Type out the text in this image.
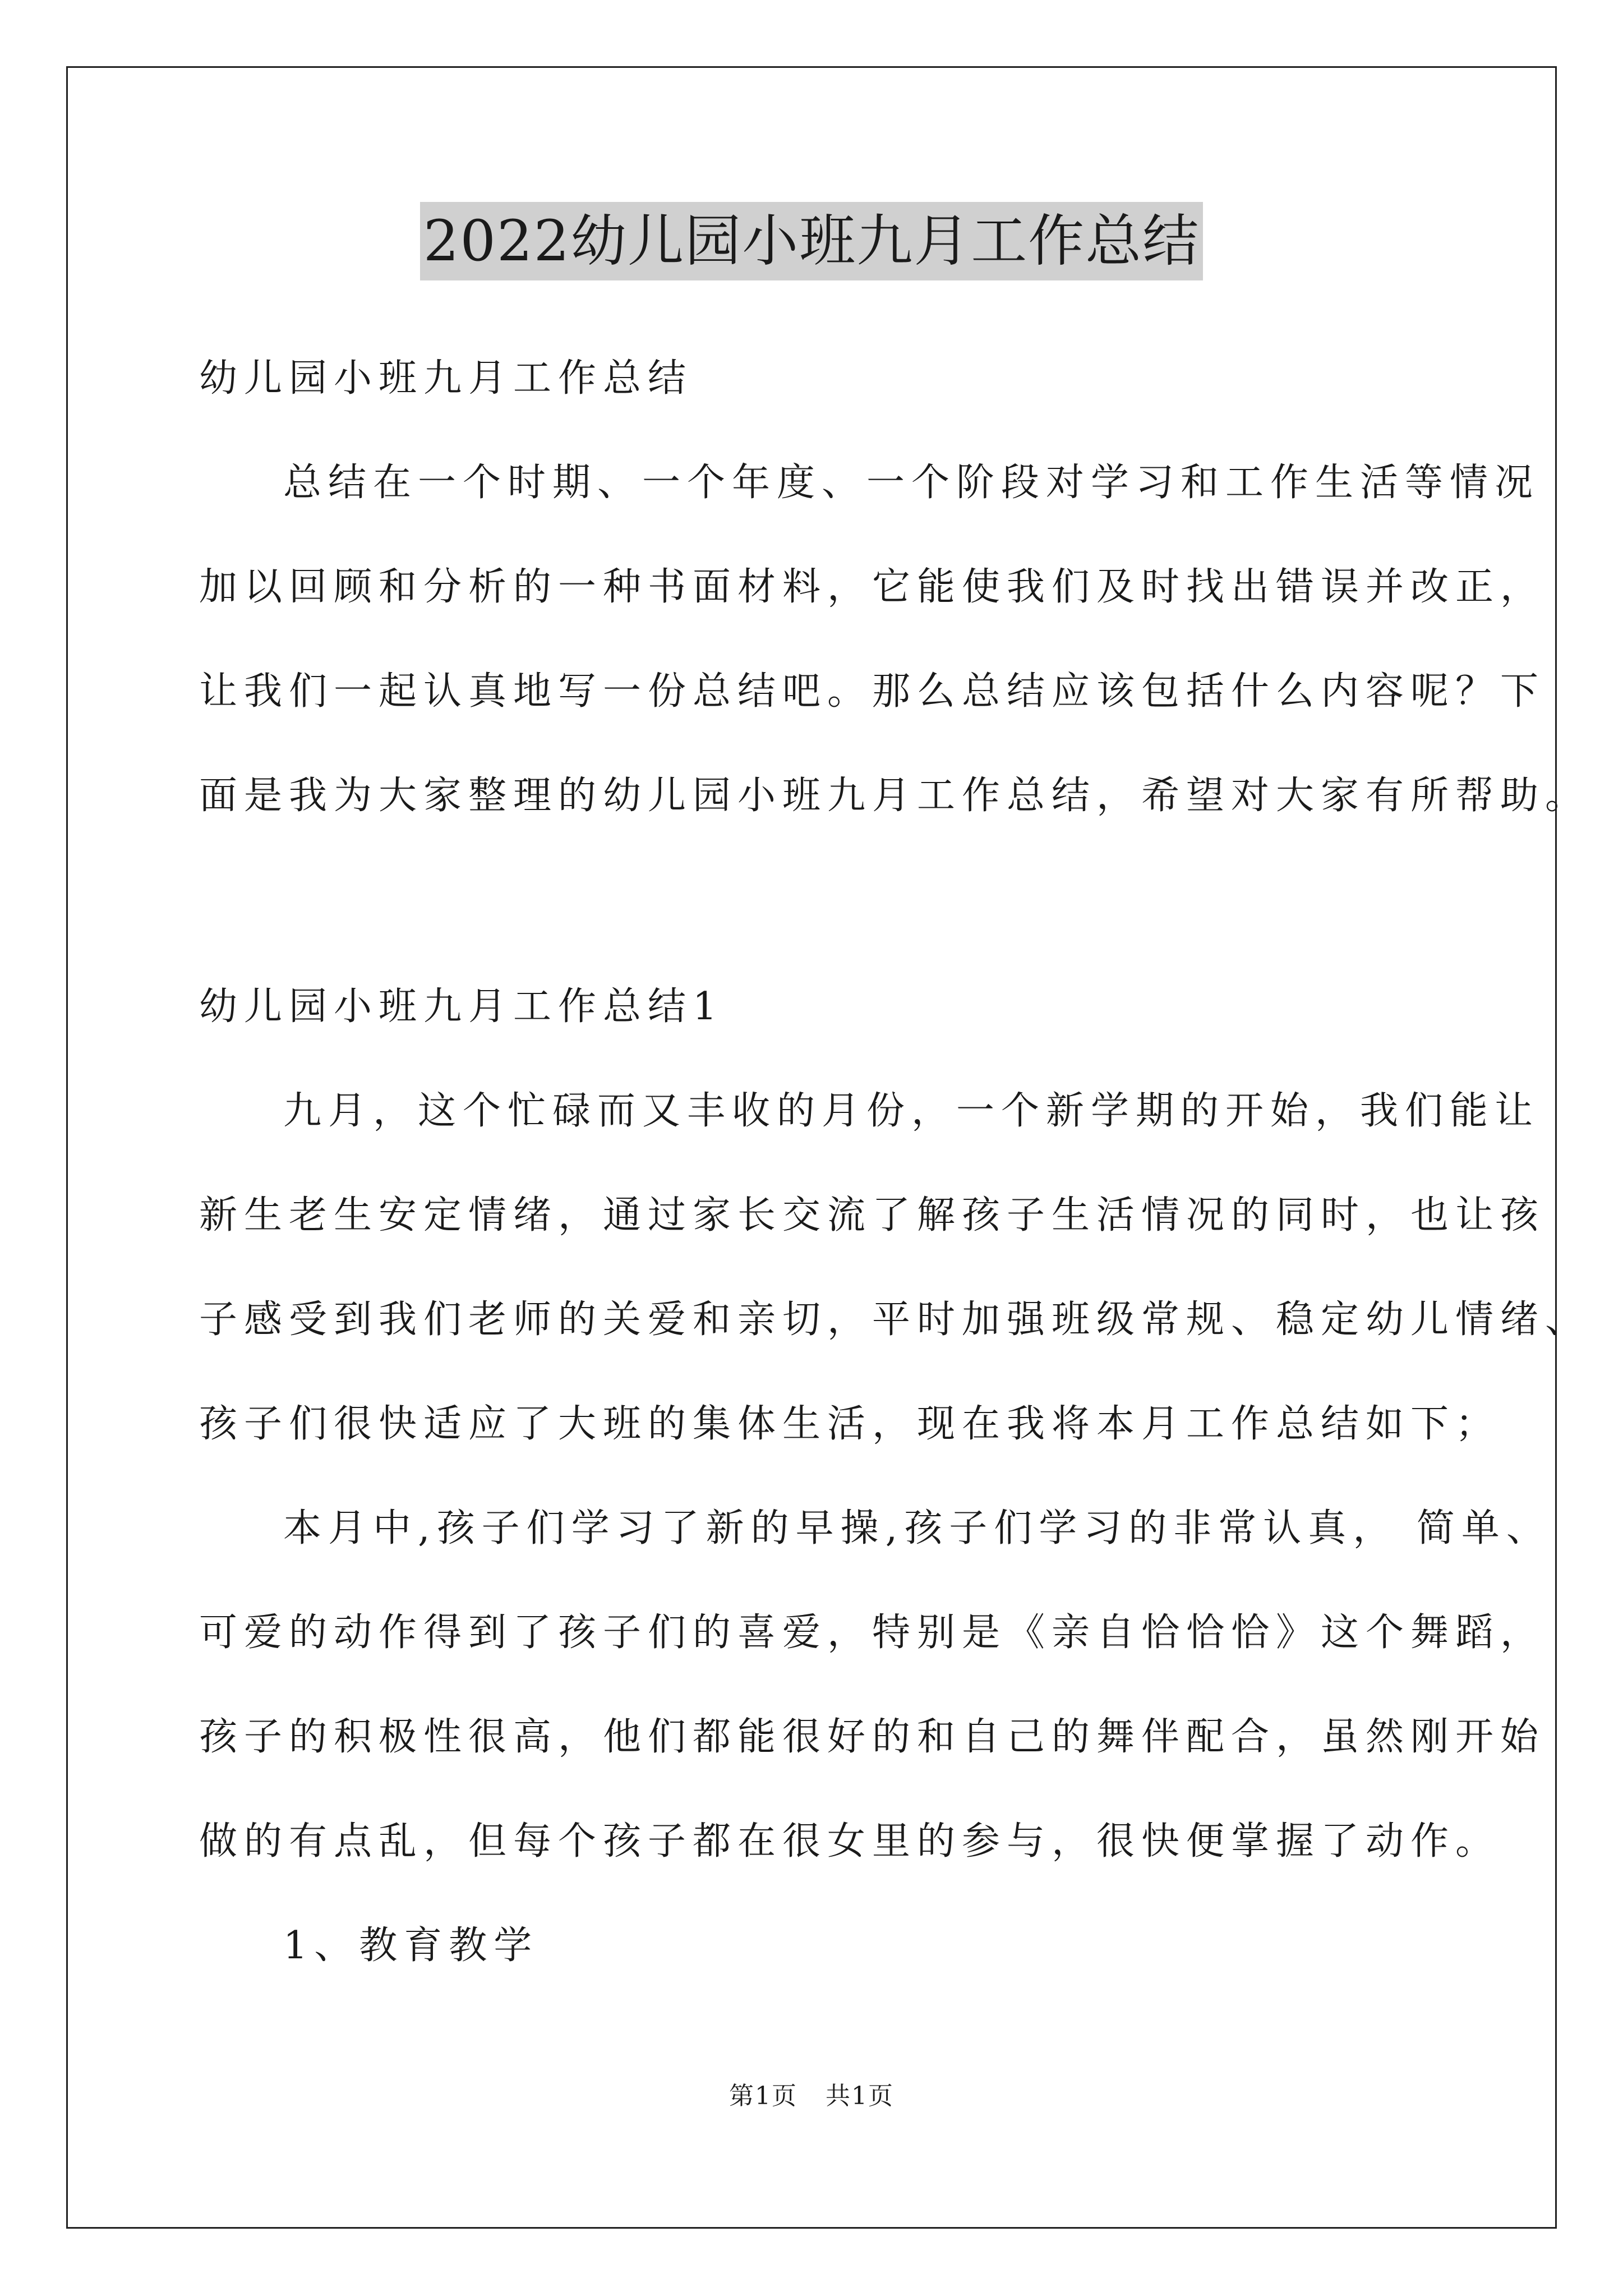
2022幼儿园小班九月工作总结
幼儿园小班九月工作总结
总结在一个时期、一个年度、一个阶段对学习和工作生活等情况
加以回顾和分析的一种书面材料，它能使我们及时找出错误并改正，
让我们一起认真地写一份总结吧。那么总结应该包括什么内容呢？下
面是我为大家整理的幼儿园小班九月工作总结，希望对大家有所帮助。
幼儿园小班九月工作总结1
九月，这个忙碌而又丰收的月份，一个新学期的开始，我们能让
新生老生安定情绪，通过家长交流了解孩子生活情况的同时，也让孩
子感受到我们老师的关爱和亲切，平时加强班级常规、稳定幼儿情绪、
孩子们很快适应了大班的集体生活，现在我将本月工作总结如下；
本月中,孩子们学习了新的早操,孩子们学习的非常认真， 简单、
可爱的动作得到了孩子们的喜爱，特别是《亲自恰恰恰》这个舞蹈，
孩子的积极性很高，他们都能很好的和自己的舞伴配合，虽然刚开始
做的有点乱，但每个孩子都在很女里的参与，很快便掌握了动作。
1、教育教学
第1页 共1页
